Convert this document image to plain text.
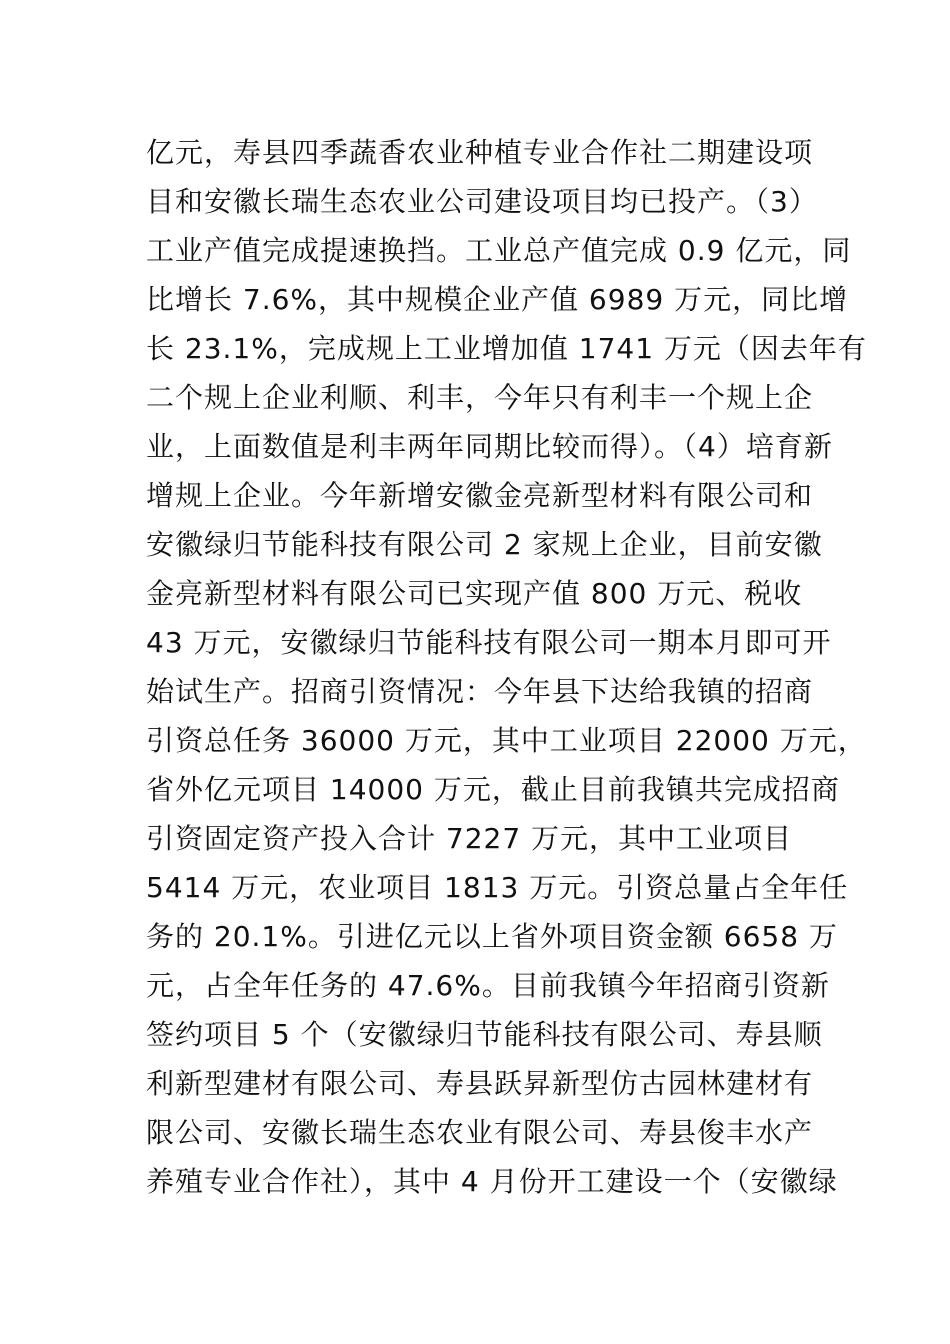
亿元，寿县四季蔬香农业种植专业合作社二期建设项
目和安徽长瑞生态农业公司建设项目均已投产。（3）
工业产值完成提速换挡。工业总产值完成 0.9 亿元，同
比增长 7.6%，其中规模企业产值 6989 万元，同比增
长 23.1%，完成规上工业增加值 1741 万元（因去年有
二个规上企业利顺、利丰，今年只有利丰一个规上企
业，上面数值是利丰两年同期比较而得）。（4）培育新
增规上企业。今年新增安徽金亮新型材料有限公司和
安徽绿归节能科技有限公司 2 家规上企业，目前安徽
金亮新型材料有限公司已实现产值 800 万元、税收
43 万元，安徽绿归节能科技有限公司一期本月即可开
始试生产。招商引资情况：今年县下达给我镇的招商
引资总任务 36000 万元，其中工业项目 22000 万元，
省外亿元项目 14000 万元，截止目前我镇共完成招商
引资固定资产投入合计 7227 万元，其中工业项目
5414 万元，农业项目 1813 万元。引资总量占全年任
务的 20.1%。引进亿元以上省外项目资金额 6658 万
元，占全年任务的 47.6%。目前我镇今年招商引资新
签约项目 5 个（安徽绿归节能科技有限公司、寿县顺
利新型建材有限公司、寿县跃昇新型仿古园林建材有
限公司、安徽长瑞生态农业有限公司、寿县俊丰水产
养殖专业合作社），其中 4 月份开工建设一个（安徽绿
